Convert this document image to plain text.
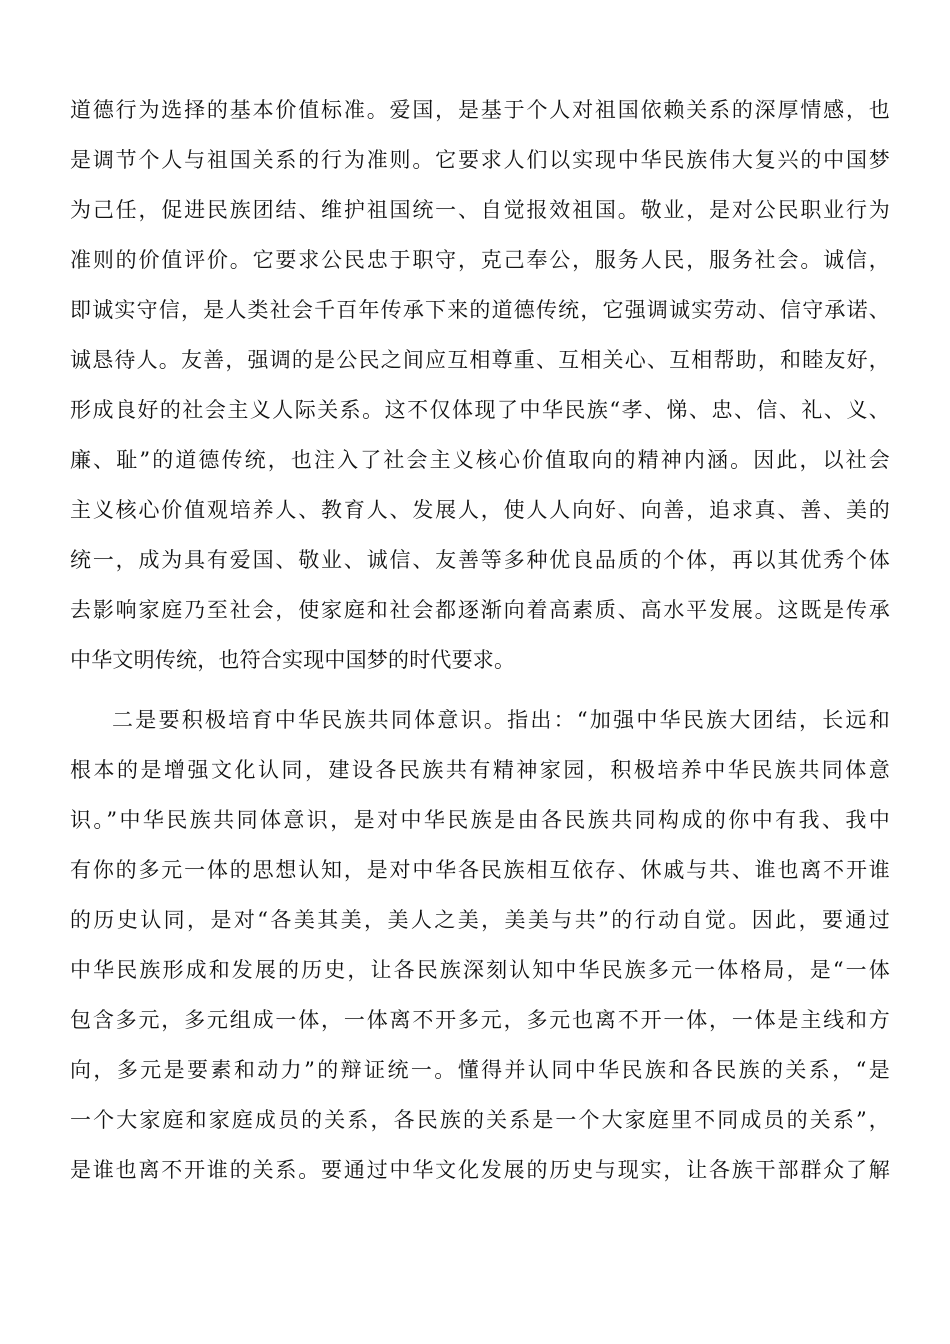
道德行为选择的基本价值标准。爱国，是基于个人对祖国依赖关系的深厚情感，也
是调节个人与祖国关系的行为准则。它要求人们以实现中华民族伟大复兴的中国梦
为己任，促进民族团结、维护祖国统一、自觉报效祖国。敬业，是对公民职业行为
准则的价值评价。它要求公民忠于职守，克己奉公，服务人民，服务社会。诚信，
即诚实守信，是人类社会千百年传承下来的道德传统，它强调诚实劳动、信守承诺、
诚恳待人。友善，强调的是公民之间应互相尊重、互相关心、互相帮助，和睦友好，
形成良好的社会主义人际关系。这不仅体现了中华民族“孝、悌、忠、信、礼、义、
廉、耻”的道德传统，也注入了社会主义核心价值取向的精神内涵。因此，以社会
主义核心价值观培养人、教育人、发展人，使人人向好、向善，追求真、善、美的
统一，成为具有爱国、敬业、诚信、友善等多种优良品质的个体，再以其优秀个体
去影响家庭乃至社会，使家庭和社会都逐渐向着高素质、高水平发展。这既是传承
中华文明传统，也符合实现中国梦的时代要求。
二是要积极培育中华民族共同体意识。指出：“加强中华民族大团结，长远和
根本的是增强文化认同，建设各民族共有精神家园，积极培养中华民族共同体意
识。”中华民族共同体意识，是对中华民族是由各民族共同构成的你中有我、我中
有你的多元一体的思想认知，是对中华各民族相互依存、休戚与共、谁也离不开谁
的历史认同，是对“各美其美，美人之美，美美与共”的行动自觉。因此，要通过
中华民族形成和发展的历史，让各民族深刻认知中华民族多元一体格局，是“一体
包含多元，多元组成一体，一体离不开多元，多元也离不开一体，一体是主线和方
向，多元是要素和动力”的辩证统一。懂得并认同中华民族和各民族的关系，“是
一个大家庭和家庭成员的关系，各民族的关系是一个大家庭里不同成员的关系”，
是谁也离不开谁的关系。要通过中华文化发展的历史与现实，让各族干部群众了解
